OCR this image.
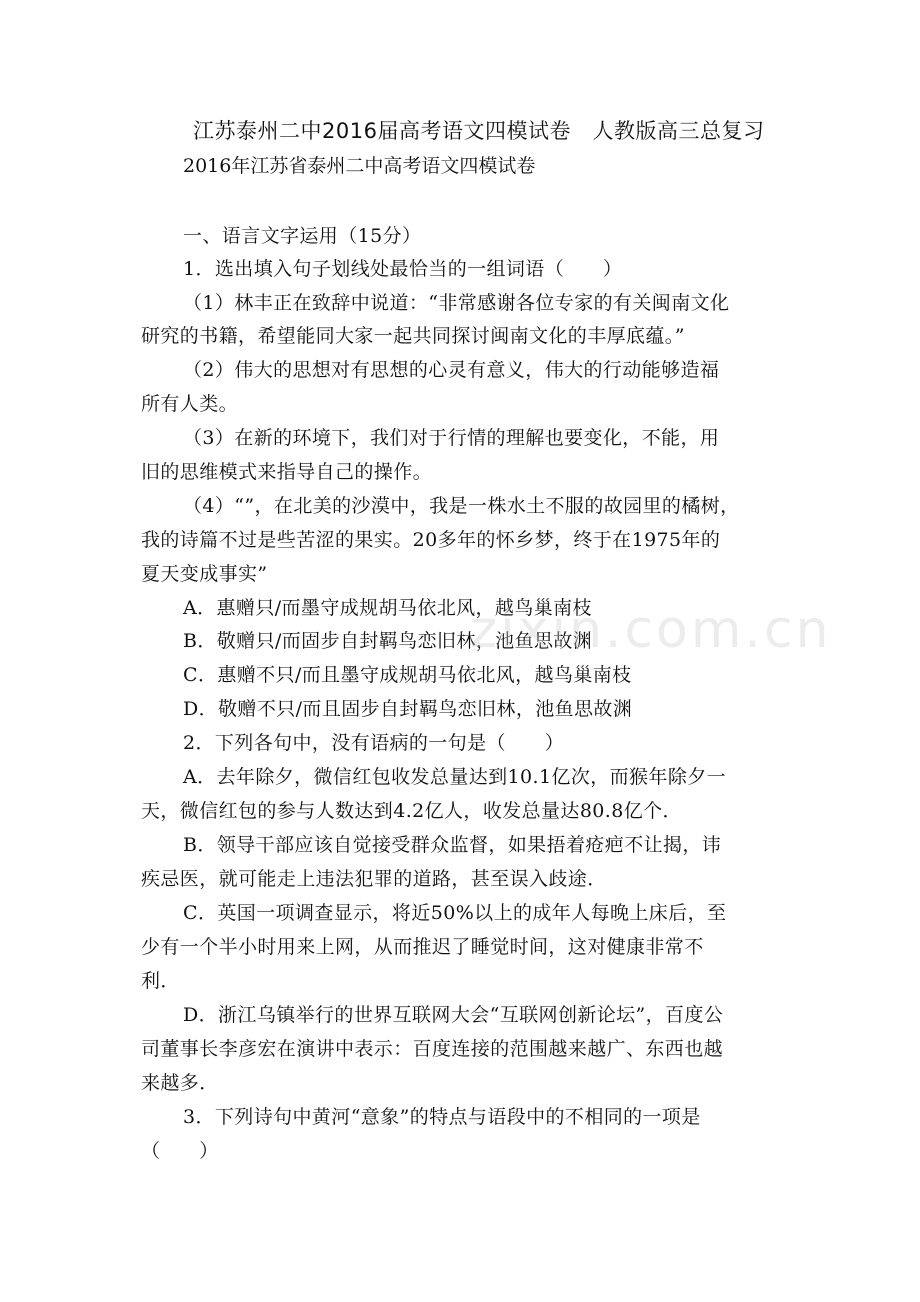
江苏泰州二中2016届高考语文四模试卷　人教版高三总复习
2016年江苏省泰州二中高考语文四模试卷
一、语言文字运用（15分）
1．选出填入句子划线处最恰当的一组词语（　　）
（1）林丰正在致辞中说道：“非常感谢各位专家的有关闽南文化
研究的书籍，希望能同大家一起共同探讨闽南文化的丰厚底蕴。”
（2）伟大的思想对有思想的心灵有意义，伟大的行动能够造福
所有人类。
（3）在新的环境下，我们对于行情的理解也要变化，不能，用
旧的思维模式来指导自己的操作。
（4）“”，在北美的沙漠中，我是一株水土不服的故园里的橘树，
我的诗篇不过是些苦涩的果实。20多年的怀乡梦，终于在1975年的
夏天变成事实”
A．惠赠只/而墨守成规胡马依北风，越鸟巢南枝
B．敬赠只/而固步自封羁鸟恋旧林，池鱼思故渊
C．惠赠不只/而且墨守成规胡马依北风，越鸟巢南枝
D．敬赠不只/而且固步自封羁鸟恋旧林，池鱼思故渊
2．下列各句中，没有语病的一句是（　　）
A．去年除夕，微信红包收发总量达到10.1亿次，而猴年除夕一
天，微信红包的参与人数达到4.2亿人，收发总量达80.8亿个．
B．领导干部应该自觉接受群众监督，如果捂着疮疤不让揭，讳
疾忌医，就可能走上违法犯罪的道路，甚至误入歧途．
C．英国一项调查显示，将近50%以上的成年人每晚上床后，至
少有一个半小时用来上网，从而推迟了睡觉时间，这对健康非常不
利．
D．浙江乌镇举行的世界互联网大会“互联网创新论坛”，百度公
司董事长李彦宏在演讲中表示：百度连接的范围越来越广、东西也越
来越多．
3．下列诗句中黄河“意象”的特点与语段中的不相同的一项是
（　　）
zixin.com.cn
